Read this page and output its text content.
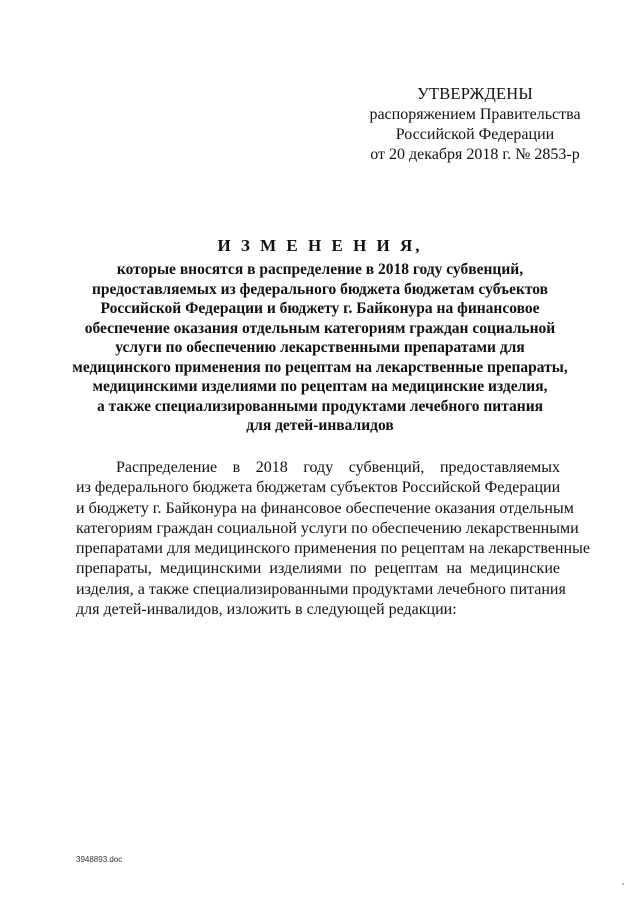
УТВЕРЖДЕНЫ
распоряжением Правительства
Российской Федерации
от 20 декабря 2018 г. № 2853-р
И З М Е Н Е Н И Я,
которые вносятся в распределение в 2018 году субвенций,
предоставляемых из федерального бюджета бюджетам субъектов
Российской Федерации и бюджету г. Байконура на финансовое
обеспечение оказания отдельным категориям граждан социальной
услуги по обеспечению лекарственными препаратами для
медицинского применения по рецептам на лекарственные препараты,
медицинскими изделиями по рецептам на медицинские изделия,
а также специализированными продуктами лечебного питания
для детей-инвалидов
Распределение в 2018 году субвенций, предоставляемых
из федерального бюджета бюджетам субъектов Российской Федерации
и бюджету г. Байконура на финансовое обеспечение оказания отдельным
категориям граждан социальной услуги по обеспечению лекарственными
препаратами для медицинского применения по рецептам на лекарственные
препараты, медицинскими изделиями по рецептам на медицинские
изделия, а также специализированными продуктами лечебного питания
для детей-инвалидов, изложить в следующей редакции:
3948893.doc
